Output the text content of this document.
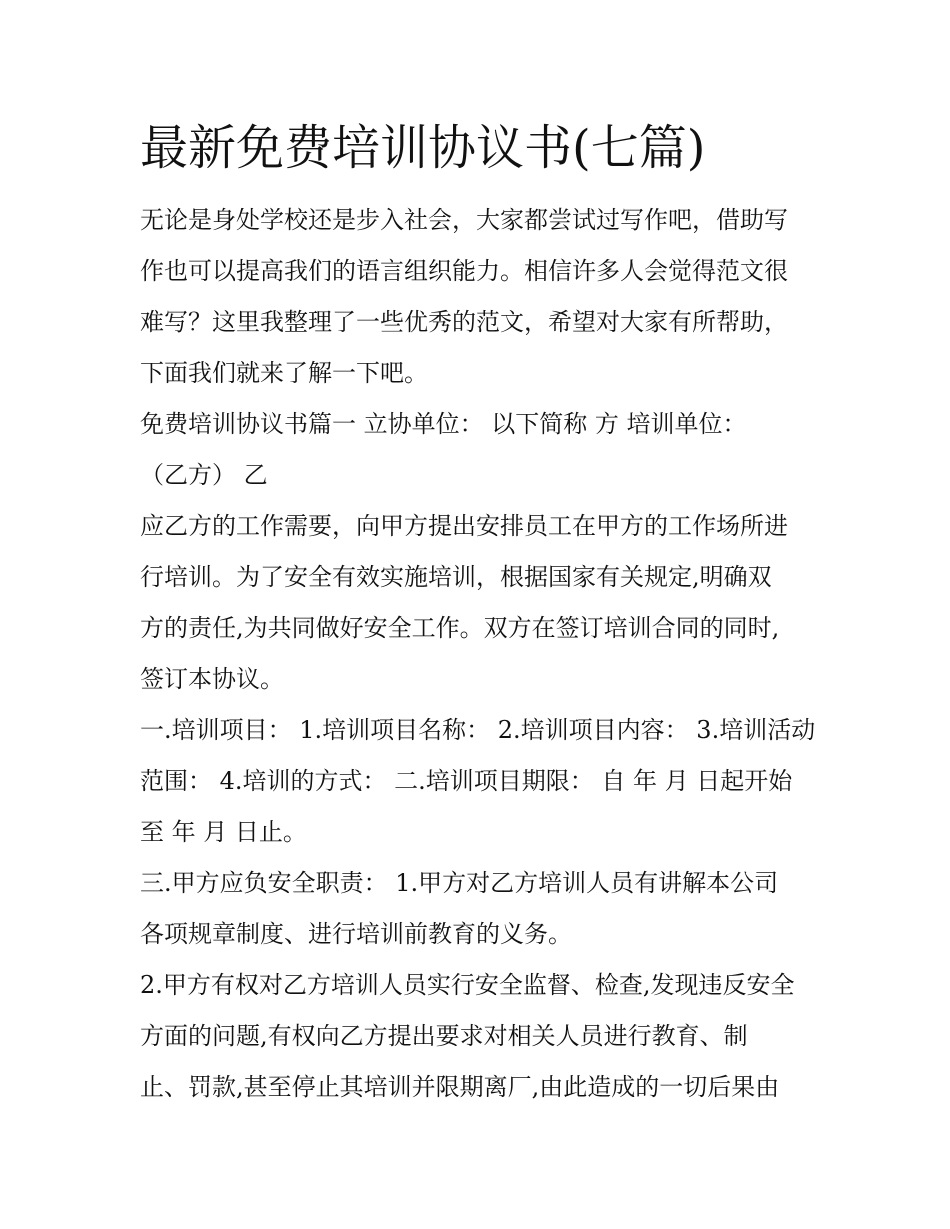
最新免费培训协议书(七篇)

无论是身处学校还是步入社会，大家都尝试过写作吧，借助写

作也可以提高我们的语言组织能力。相信许多人会觉得范文很

难写？这里我整理了一些优秀的范文，希望对大家有所帮助，

下面我们就来了解一下吧。

免费培训协议书篇一 立协单位： 以下简称 方 培训单位：

（乙方） 乙

应乙方的工作需要，向甲方提出安排员工在甲方的工作场所进

行培训。为了安全有效实施培训，根据国家有关规定,明确双

方的责任,为共同做好安全工作。双方在签订培训合同的同时,

签订本协议。

一.培训项目： 1.培训项目名称： 2.培训项目内容： 3.培训活动

范围： 4.培训的方式： 二.培训项目期限： 自 年 月 日起开始

至 年 月 日止。

三.甲方应负安全职责： 1.甲方对乙方培训人员有讲解本公司

各项规章制度、进行培训前教育的义务。

2.甲方有权对乙方培训人员实行安全监督、检查,发现违反安全

方面的问题,有权向乙方提出要求对相关人员进行教育、制

止、罚款,甚至停止其培训并限期离厂,由此造成的一切后果由
